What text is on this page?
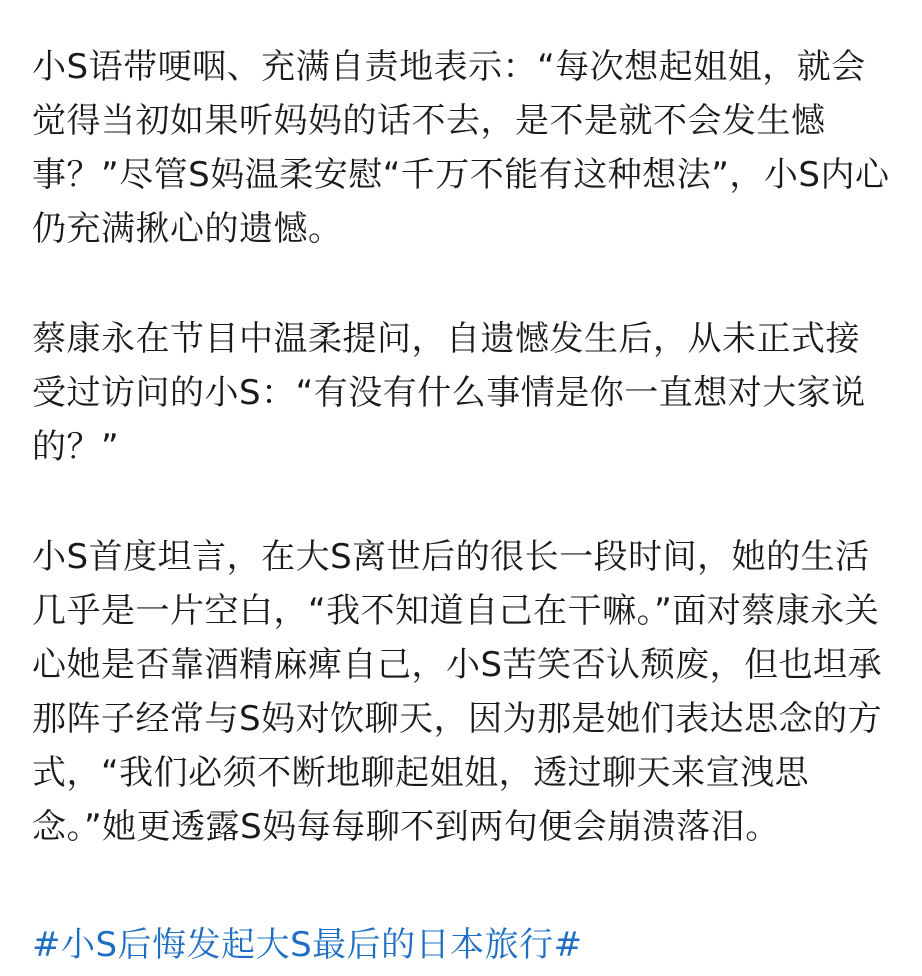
小S语带哽咽、充满自责地表示：“每次想起姐姐，就会觉得当初如果听妈妈的话不去，是不是就不会发生憾事？”尽管S妈温柔安慰“千万不能有这种想法”，小S内心仍充满揪心的遗憾。

蔡康永在节目中温柔提问，自遗憾发生后，从未正式接受过访问的小S：“有没有什么事情是你一直想对大家说的？”

小S首度坦言，在大S离世后的很长一段时间，她的生活几乎是一片空白，“我不知道自己在干嘛。”面对蔡康永关心她是否靠酒精麻痺自己，小S苦笑否认颓废，但也坦承那阵子经常与S妈对饮聊天，因为那是她们表达思念的方式，“我们必须不断地聊起姐姐，透过聊天来宣洩思念。”她更透露S妈每每聊不到两句便会崩溃落泪。

#小S后悔发起大S最后的日本旅行#
